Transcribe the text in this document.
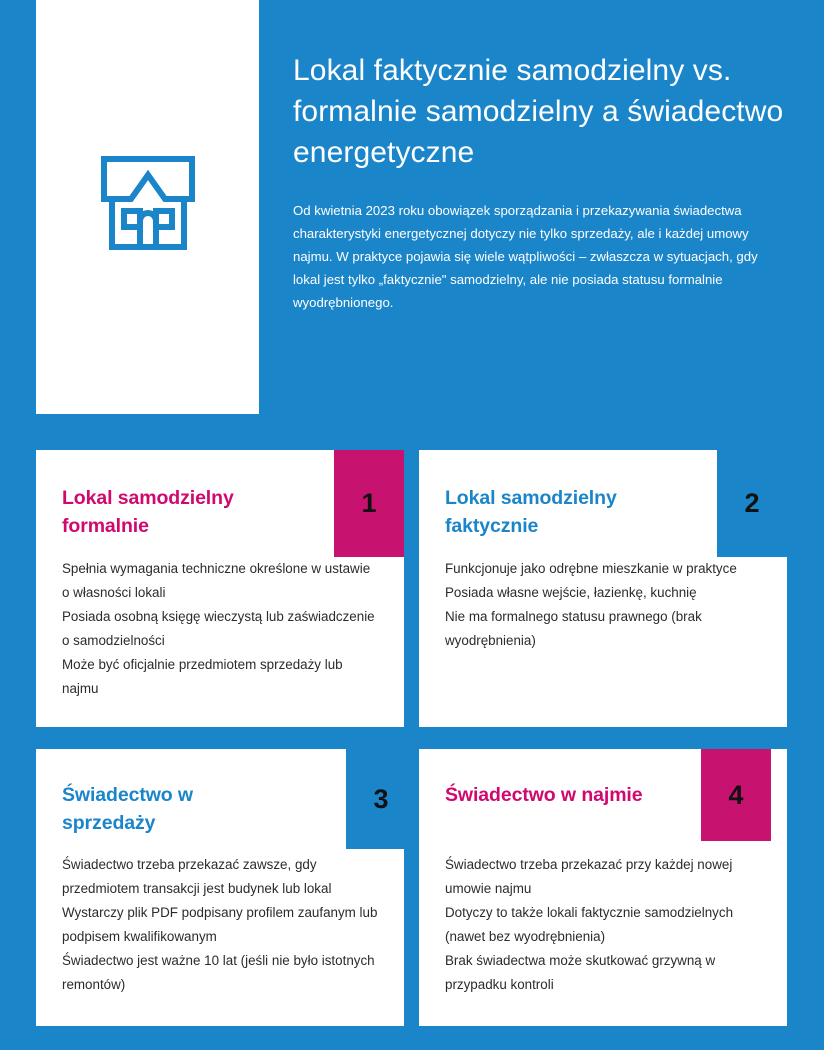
Lokal faktycznie samodzielny vs. formalnie samodzielny a świadectwo energetyczne

Od kwietnia 2023 roku obowiązek sporządzania i przekazywania świadectwa charakterystyki energetycznej dotyczy nie tylko sprzedaży, ale i każdej umowy najmu. W praktyce pojawia się wiele wątpliwości – zwłaszcza w sytuacjach, gdy lokal jest tylko „faktycznie" samodzielny, ale nie posiada statusu formalnie wyodrębnionego.

Lokal samodzielny formalnie
1
Spełnia wymagania techniczne określone w ustawie o własności lokali
Posiada osobną księgę wieczystą lub zaświadczenie o samodzielności
Może być oficjalnie przedmiotem sprzedaży lub najmu
Lokal samodzielny faktycznie
2
Funkcjonuje jako odrębne mieszkanie w praktyce
Posiada własne wejście, łazienkę, kuchnię
Nie ma formalnego statusu prawnego (brak wyodrębnienia)
Świadectwo w sprzedaży
3
Świadectwo trzeba przekazać zawsze, gdy przedmiotem transakcji jest budynek lub lokal
Wystarczy plik PDF podpisany profilem zaufanym lub podpisem kwalifikowanym
Świadectwo jest ważne 10 lat (jeśli nie było istotnych remontów)
Świadectwo w najmie	4
Świadectwo trzeba przekazać przy każdej nowej umowie najmu
Dotyczy to także lokali faktycznie samodzielnych (nawet bez wyodrębnienia)
Brak świadectwa może skutkować grzywną w przypadku kontroli
